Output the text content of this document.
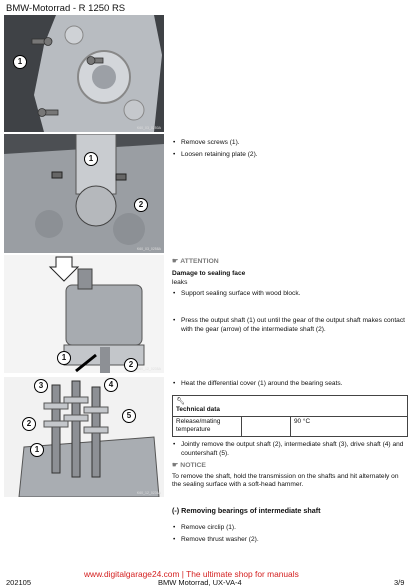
BMW-Motorrad - R 1250 RS
K60_03_0250A
1
K60_03_0258A
1
2
K60_12_0235A
1
2
K60_12_0236A
3	4
2
5
1
• Remove screws (1).
• Loosen retaining plate (2).
☛ ATTENTION
Damage to sealing face
leaks
• Support sealing surface with wood block.
• Press the output shaft (1) out until the gear of the output shaft makes contact with the gear (arrow) of the intermediate shaft (2).
• Heat the differential cover (1) around the bearing seats.
🔧︎
Technical data
Release/mating temperature		90 °C
• Jointly remove the output shaft (2), intermediate shaft (3), drive shaft (4) and countershaft (5).
☛ NOTICE
To remove the shaft, hold the transmission on the shafts and hit alternately on the sealing surface with a soft-head hammer.
(-) Removing bearings of intermediate shaft
• Remove circlip (1).
• Remove thrust washer (2).
www.digitalgarage24.com | The ultimate shop for manuals
202105	BMW Motorrad, UX-VA-4	3/9
